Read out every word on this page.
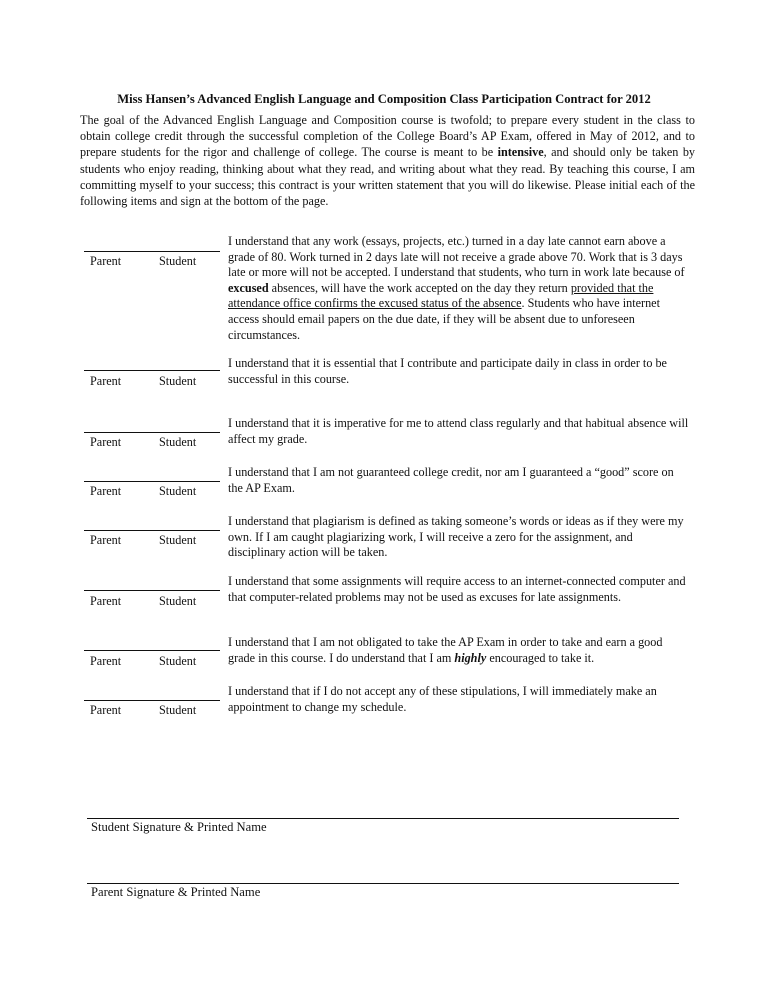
Miss Hansen’s Advanced English Language and Composition Class Participation Contract for 2012
The goal of the Advanced English Language and Composition course is twofold; to prepare every student in the class to obtain college credit through the successful completion of the College Board’s AP Exam, offered in May of 2012, and to prepare students for the rigor and challenge of college. The course is meant to be intensive, and should only be taken by students who enjoy reading, thinking about what they read, and writing about what they read. By teaching this course, I am committing myself to your success; this contract is your written statement that you will do likewise. Please initial each of the following items and sign at the bottom of the page.
Parent	Student
I understand that any work (essays, projects, etc.) turned in a day late cannot earn above a grade of 80. Work turned in 2 days late will not receive a grade above 70. Work that is 3 days late or more will not be accepted. I understand that students, who turn in work late because of excused absences, will have the work accepted on the day they return provided that the attendance office confirms the excused status of the absence. Students who have internet access should email papers on the due date, if they will be absent due to unforeseen circumstances.
Parent	Student
I understand that it is essential that I contribute and participate daily in class in order to be successful in this course.
Parent	Student
I understand that it is imperative for me to attend class regularly and that habitual absence will affect my grade.
Parent	Student
I understand that I am not guaranteed college credit, nor am I guaranteed a “good” score on the AP Exam.
Parent	Student
I understand that plagiarism is defined as taking someone’s words or ideas as if they were my own. If I am caught plagiarizing work, I will receive a zero for the assignment, and disciplinary action will be taken.
Parent	Student
I understand that some assignments will require access to an internet-connected computer and that computer-related problems may not be used as excuses for late assignments.
Parent	Student
I understand that I am not obligated to take the AP Exam in order to take and earn a good grade in this course. I do understand that I am highly encouraged to take it.
Parent	Student
I understand that if I do not accept any of these stipulations, I will immediately make an appointment to change my schedule.
Student Signature & Printed Name
Parent Signature & Printed Name
